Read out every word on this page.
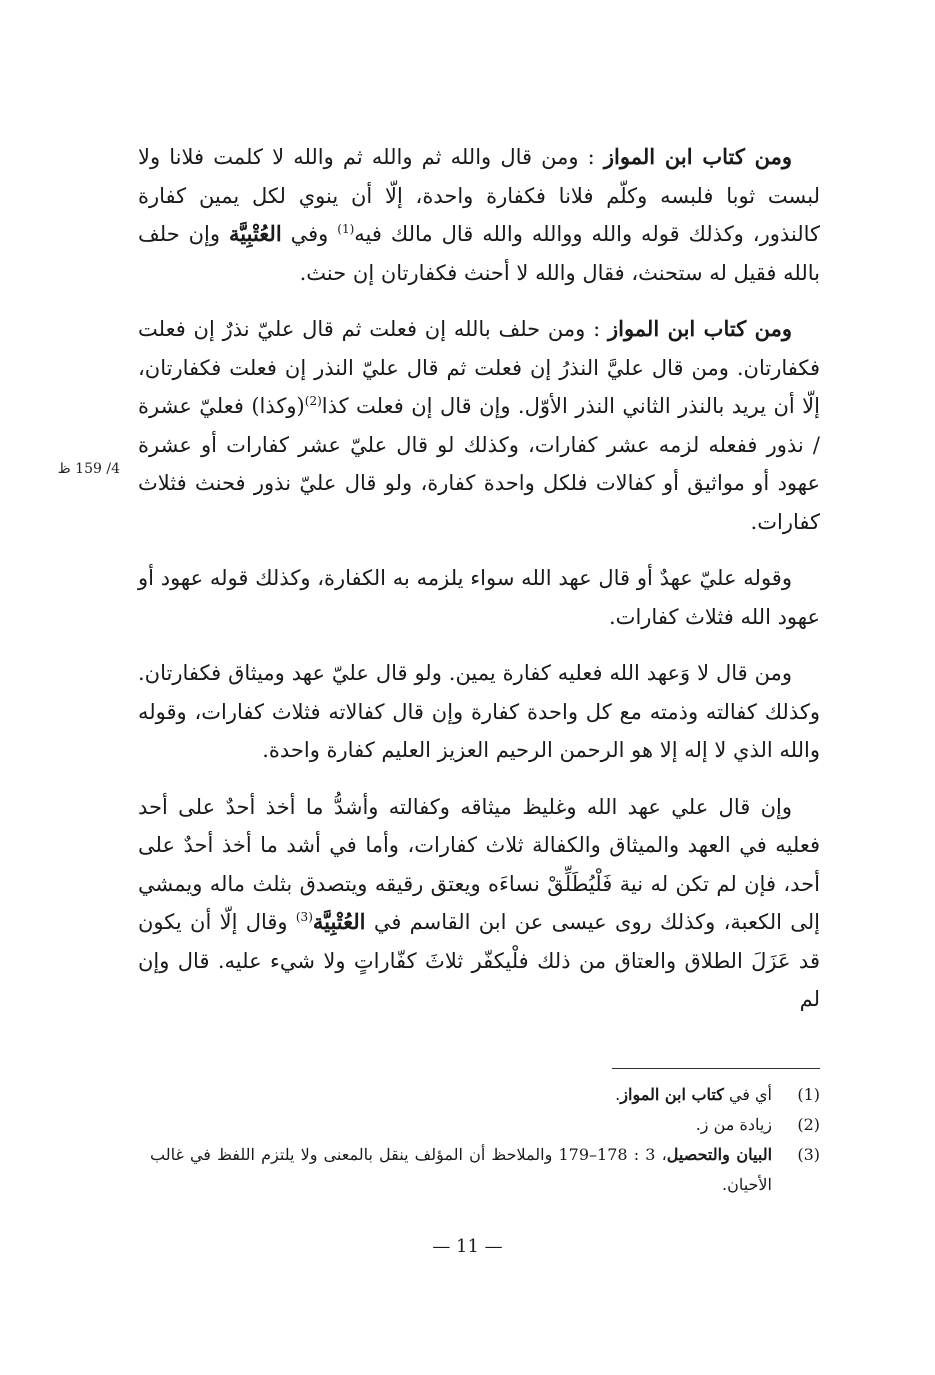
ومن كتاب ابن المواز : ومن قال والله ثم والله ثم والله لا كلمت فلانا ولا لبست ثوبا فلبسه وكلّم فلانا فكفارة واحدة، إلّا أن ينوي لكل يمين كفارة كالنذور، وكذلك قوله والله ووالله والله قال مالك فيه$^{(1)}$ وفي العُتْبِيَّة وإن حلف بالله فقيل له ستحنث، فقال والله لا أحنث فكفارتان إن حنث.

ومن كتاب ابن المواز : ومن حلف بالله إن فعلت ثم قال عليّ نذرٌ إن فعلت فكفارتان. ومن قال عليَّ النذرُ إن فعلت ثم قال عليّ النذر إن فعلت فكفارتان، إلّا أن يريد بالنذر الثاني النذر الأوّل. وإن قال إن فعلت كذا$^{(2)}$(وكذا) فعليّ عشرة / نذور ففعله لزمه عشر كفارات، وكذلك لو قال عليّ عشر كفارات أو عشرة عهود أو مواثيق أو كفالات فلكل واحدة كفارة، ولو قال عليّ نذور فحنث فثلاث كفارات.

وقوله عليّ عهدٌ أو قال عهد الله سواء يلزمه به الكفارة، وكذلك قوله عهود أو عهود الله فثلاث كفارات.

ومن قال لا وَعهد الله فعليه كفارة يمين. ولو قال عليّ عهد وميثاق فكفارتان. وكذلك كفالته وذمته مع كل واحدة كفارة وإن قال كفالاته فثلاث كفارات، وقوله والله الذي لا إله إلا هو الرحمن الرحيم العزيز العليم كفارة واحدة.

وإن قال علي عهد الله وغليظ ميثاقه وكفالته وأشدُّ ما أخذ أحدٌ على أحد فعليه في العهد والميثاق والكفالة ثلاث كفارات، وأما في أشد ما أخذ أحدٌ على أحد، فإن لم تكن له نية فَلْيُطَلِّقْ نساءَه ويعتق رقيقه ويتصدق بثلث ماله ويمشي إلى الكعبة، وكذلك روى عيسى عن ابن القاسم في العُتْبِيَّة$^{(3)}$ وقال إلّا أن يكون قد عَزَلَ الطلاق والعتاق من ذلك فلْيكفّر ثلاثَ كفّاراتٍ ولا شيء عليه. قال وإن لم

4/ 159 ظ
(1)
أي في كتاب ابن المواز.
(2)
زيادة من ز.
(3)
البيان والتحصيل، 3 : 178–179 والملاحظ أن المؤلف ينقل بالمعنى ولا يلتزم اللفظ في غالب الأحيان.
— 11 —
